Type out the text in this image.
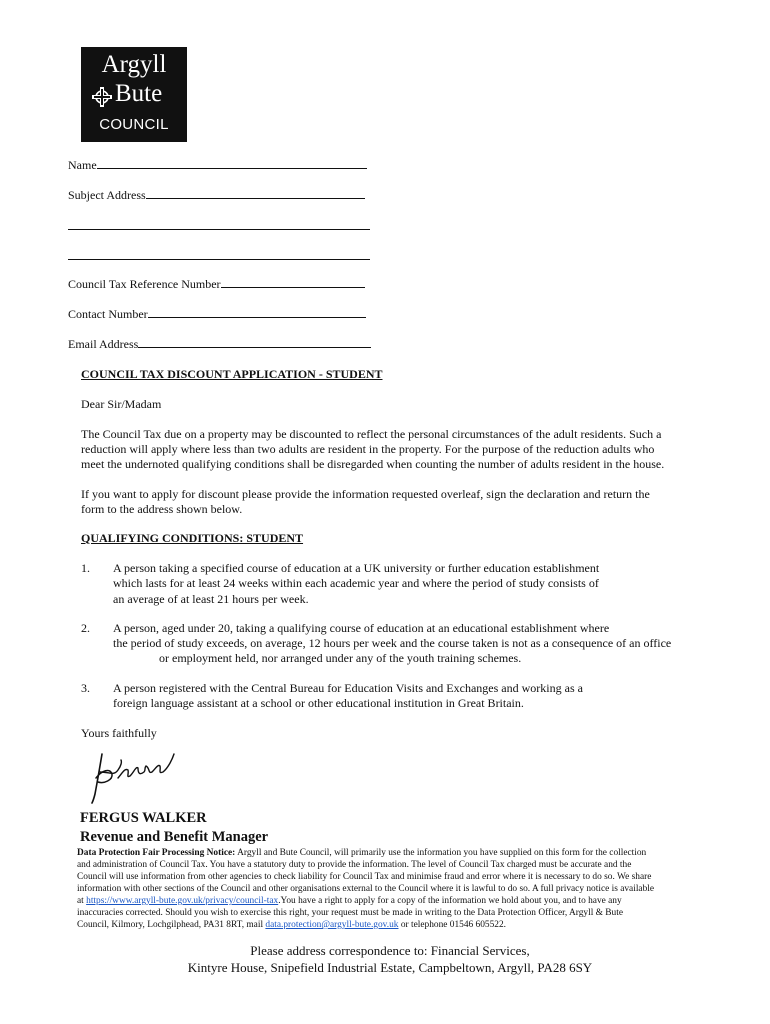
Argyll
Bute
COUNCIL
Name
Subject Address
Council Tax Reference Number
Contact Number
Email Address
COUNCIL TAX DISCOUNT APPLICATION - STUDENT
Dear Sir/Madam
The Council Tax due on a property may be discounted to reflect the personal circumstances of the adult residents. Such a
reduction will apply where less than two adults are resident in the property. For the purpose of the reduction adults who
meet the undernoted qualifying conditions shall be disregarded when counting the number of adults resident in the house.
If you want to apply for discount please provide the information requested overleaf, sign the declaration and return the
form to the address shown below.
QUALIFYING CONDITIONS: STUDENT
1. A person taking a specified course of education at a UK university or further education establishment
which lasts for at least 24 weeks within each academic year and where the period of study consists of
an average of at least 21 hours per week.
2. A person, aged under 20, taking a qualifying course of education at an educational establishment where
the period of study exceeds, on average, 12 hours per week and the course taken is not as a consequence of an office
or employment held, nor arranged under any of the youth training schemes.
3. A person registered with the Central Bureau for Education Visits and Exchanges and working as a
foreign language assistant at a school or other educational institution in Great Britain.
Yours faithfully
FERGUS WALKER
Revenue and Benefit Manager

Data Protection Fair Processing Notice: Argyll and Bute Council, will primarily use the information you have supplied on this form for the collection

and administration of Council Tax. You have a statutory duty to provide the information. The level of Council Tax charged must be accurate and the

Council will use information from other agencies to check liability for Council Tax and minimise fraud and error where it is necessary to do so. We share

information with other sections of the Council and other organisations external to the Council where it is lawful to do so. A full privacy notice is available

at https://www.argyll-bute.gov.uk/privacy/council-tax.You have a right to apply for a copy of the information we hold about you, and to have any

inaccuracies corrected. Should you wish to exercise this right, your request must be made in writing to the Data Protection Officer, Argyll & Bute

Council, Kilmory, Lochgilphead, PA31 8RT, mail data.protection@argyll-bute.gov.uk or telephone 01546 605522.

Please address correspondence to: Financial Services,
Kintyre House, Snipefield Industrial Estate, Campbeltown, Argyll, PA28 6SY
